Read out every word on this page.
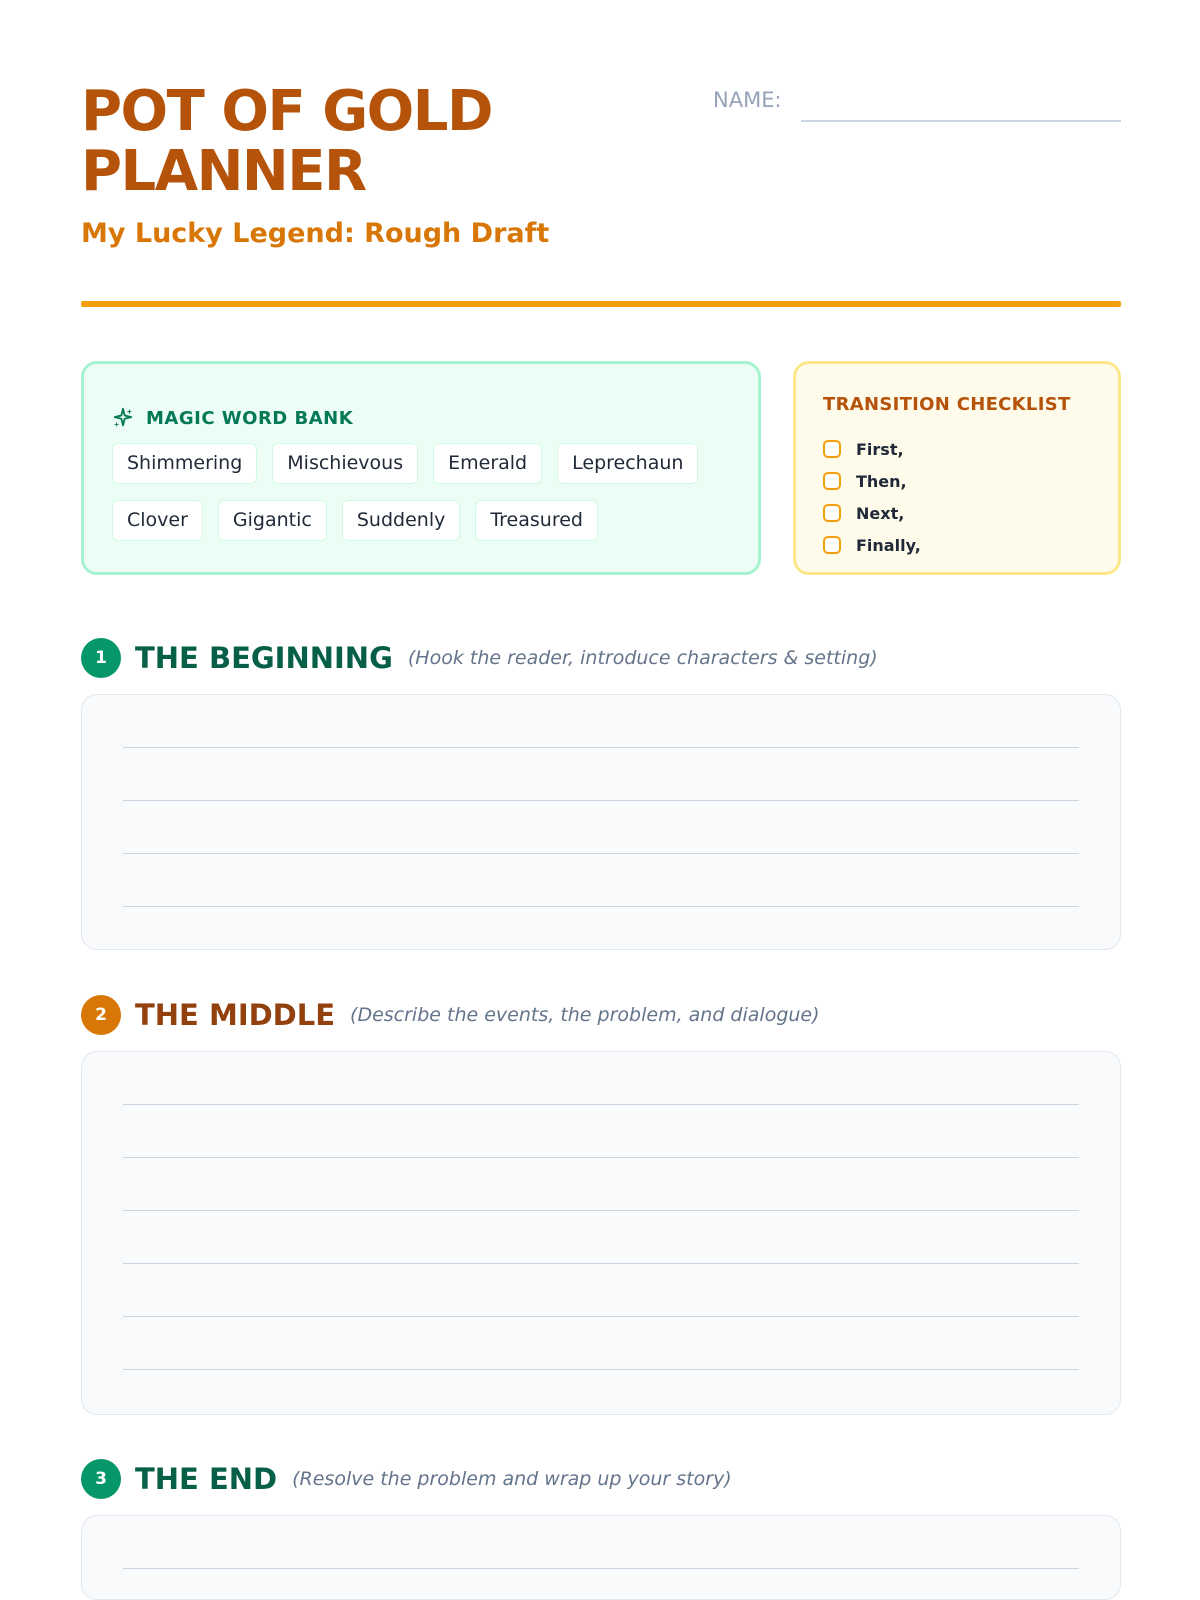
POT OF GOLD PLANNER
My Lucky Legend: Rough Draft
NAME:
MAGIC WORD BANK
Shimmering	Mischievous	Emerald	Leprechaun
Clover	Gigantic	Suddenly	Treasured
TRANSITION CHECKLIST
First,
Then,
Next,
Finally,
1 THE BEGINNING (Hook the reader, introduce characters & setting)
2 THE MIDDLE (Describe the events, the problem, and dialogue)
3 THE END (Resolve the problem and wrap up your story)
